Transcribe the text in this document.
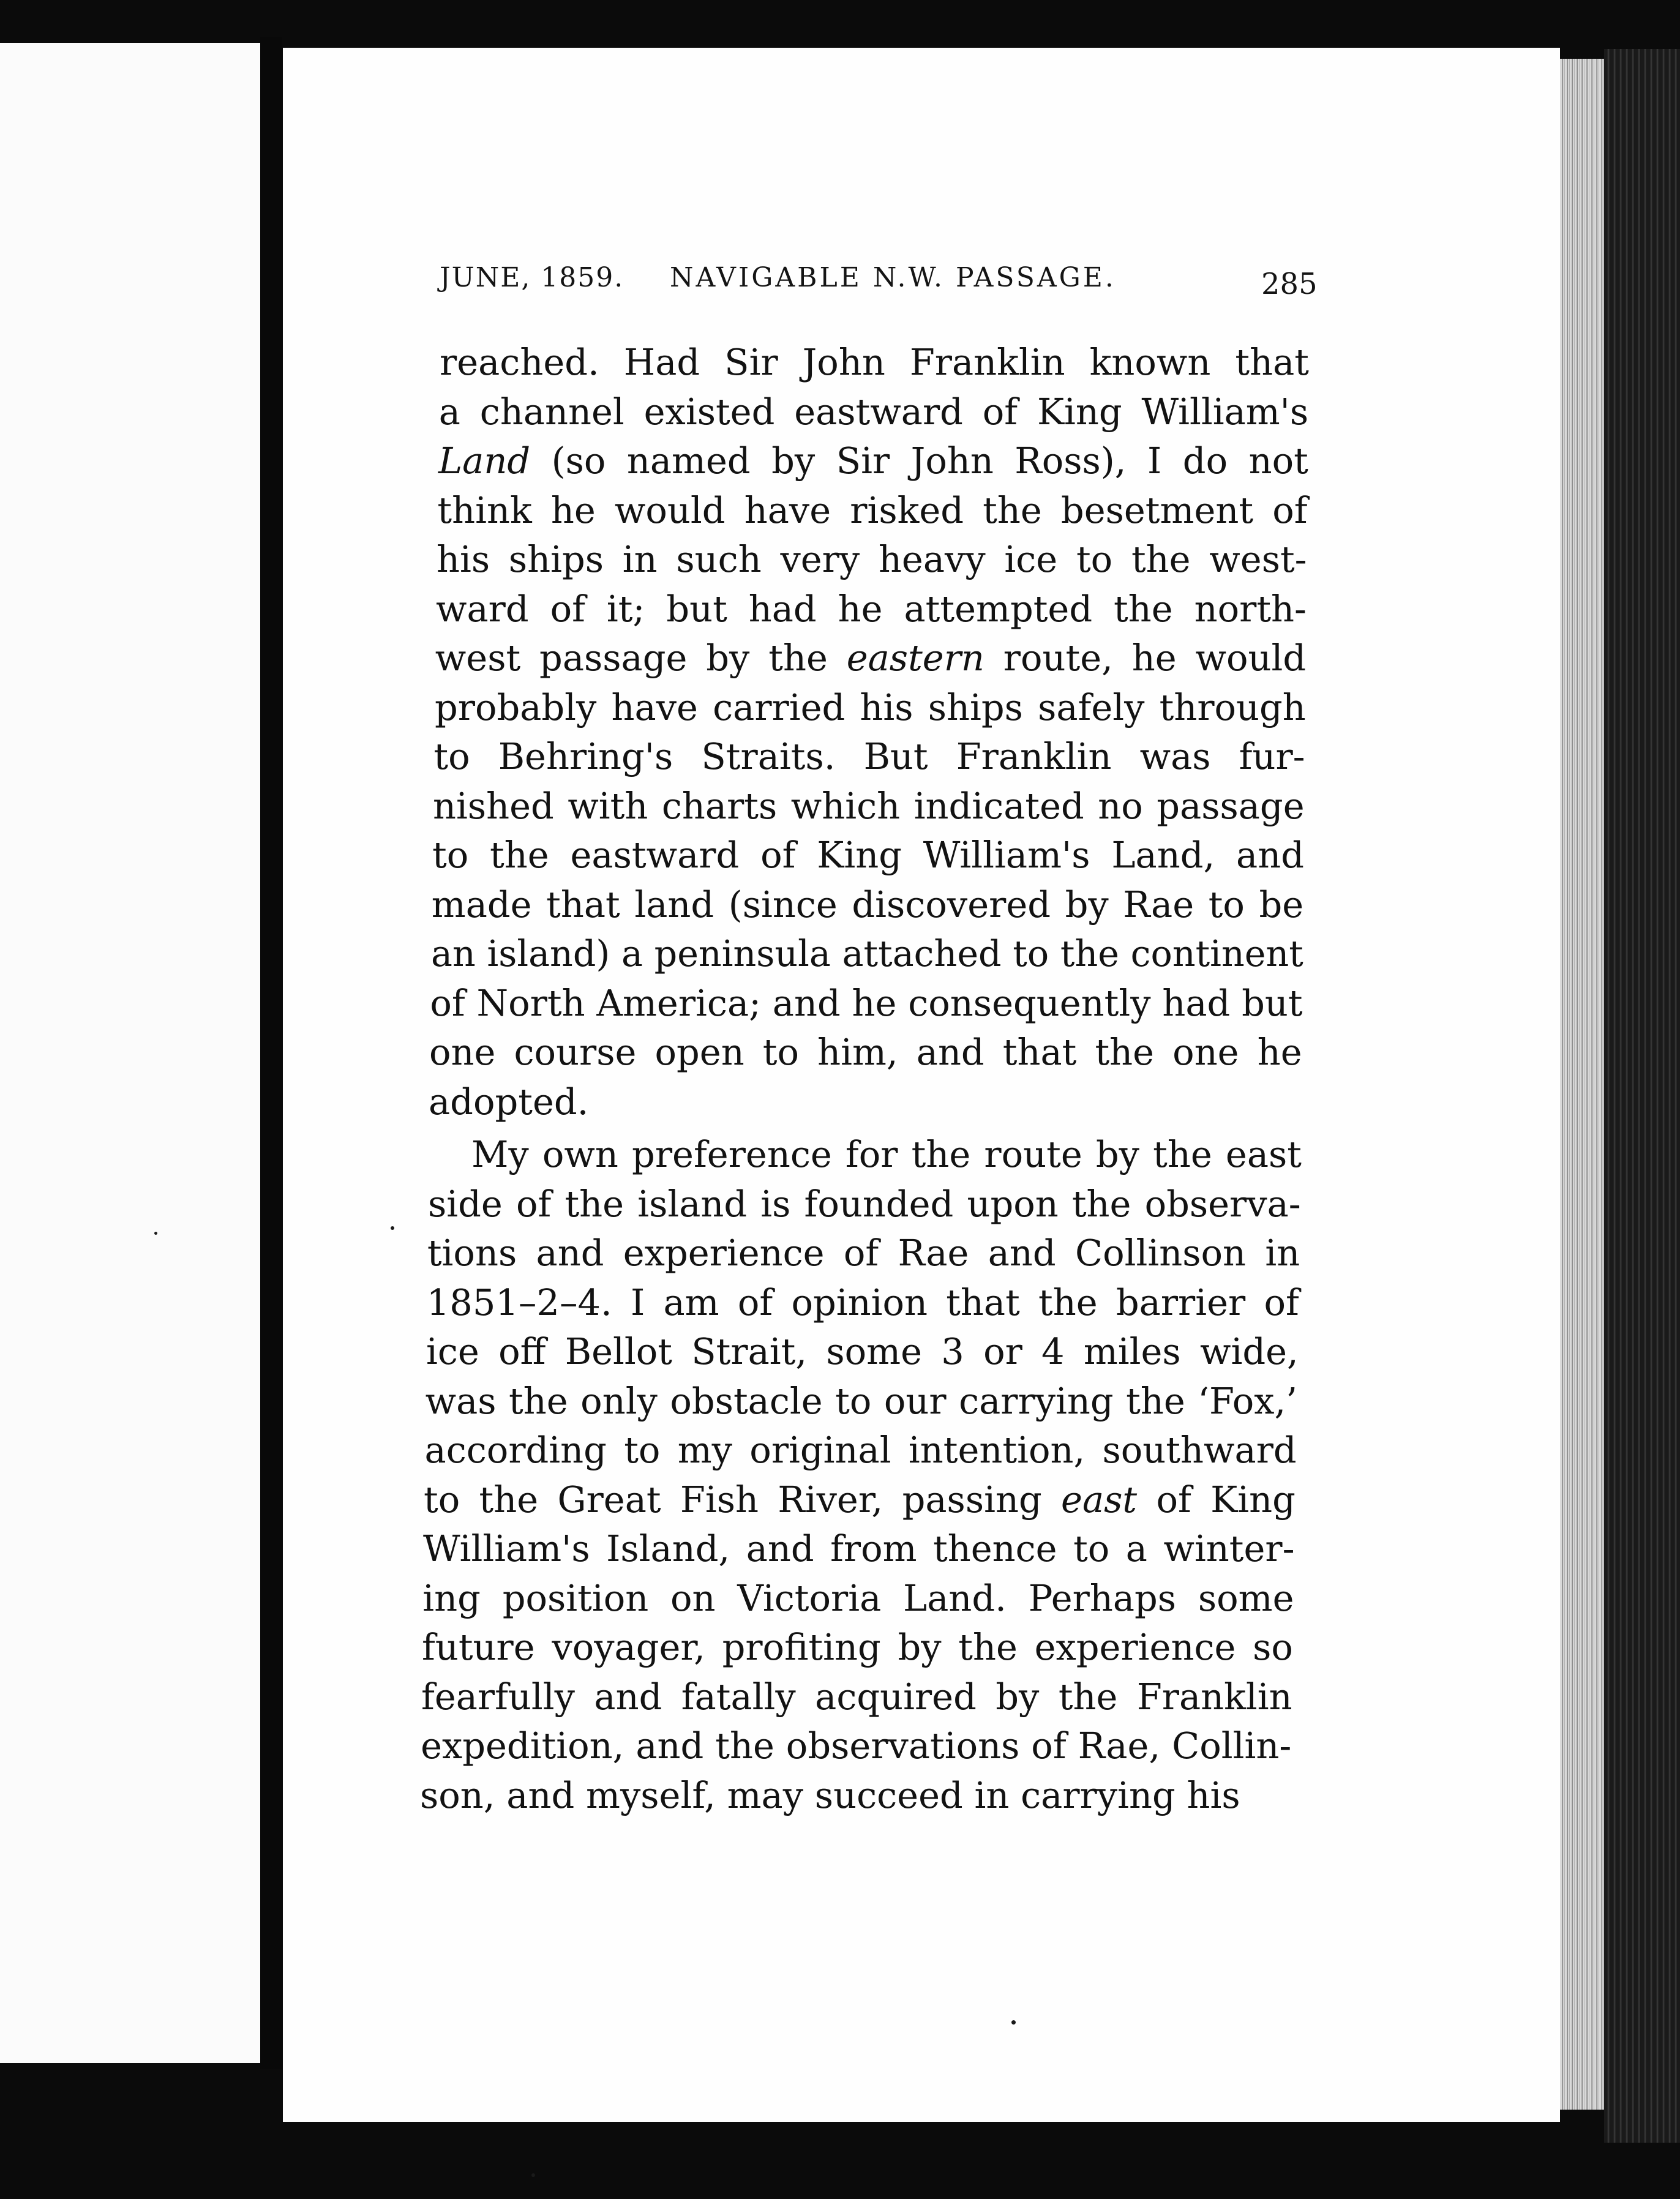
JUNE, 1859. NAVIGABLE N.W. PASSAGE.	285
reached. Had Sir John Franklin known that
a channel existed eastward of King William's
Land (so named by Sir John Ross), I do not
think he would have risked the besetment of
his ships in such very heavy ice to the west-
ward of it; but had he attempted the north-
west passage by the eastern route, he would
probably have carried his ships safely through
to Behring's Straits. But Franklin was fur-
nished with charts which indicated no passage
to the eastward of King William's Land, and
made that land (since discovered by Rae to be
an island) a peninsula attached to the continent
of North America; and he consequently had but
one course open to him, and that the one he
adopted.
My own preference for the route by the east
side of the island is founded upon the observa-
tions and experience of Rae and Collinson in
1851–2–4. I am of opinion that the barrier of
ice off Bellot Strait, some 3 or 4 miles wide,
was the only obstacle to our carrying the ‘Fox,’
according to my original intention, southward
to the Great Fish River, passing east of King
William's Island, and from thence to a winter-
ing position on Victoria Land. Perhaps some
future voyager, profiting by the experience so
fearfully and fatally acquired by the Franklin
expedition, and the observations of Rae, Collin-
son, and myself, may succeed in carrying his
